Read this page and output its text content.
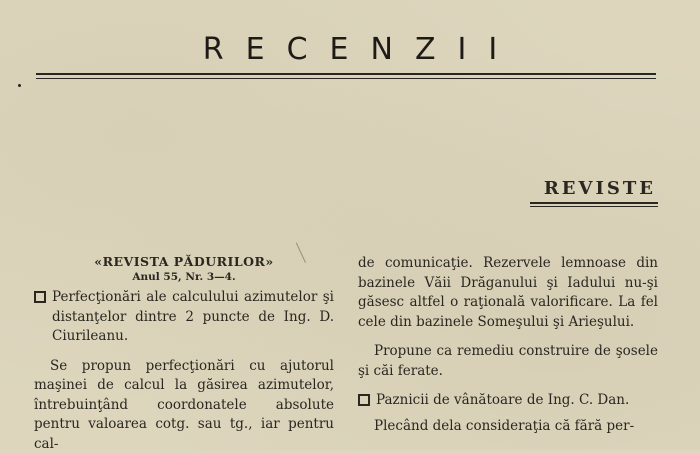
RECENZII
REVISTE
«REVISTA PĂDURILOR»
Anul 55, Nr. 3—4.
Perfecţionări ale calculului azimutelor şi distanţelor dintre 2 puncte de Ing. D. Ciurileanu.
Se propun perfecţionări cu ajutorul maşinei de calcul la găsirea azimutelor, întrebuinţând coordonatele absolute pentru valoarea cotg. sau tg., iar pentru cal-
de comunicaţie. Rezervele lemnoase din bazinele Văii Drăganului şi Iadului nu-şi găsesc altfel o raţională valorificare. La fel cele din bazinele Someşului şi Arieşului.
Propune ca remediu construire de şosele şi căi ferate.
Paznicii de vânătoare de Ing. C. Dan.
Plecând dela consideraţia că fără per-
